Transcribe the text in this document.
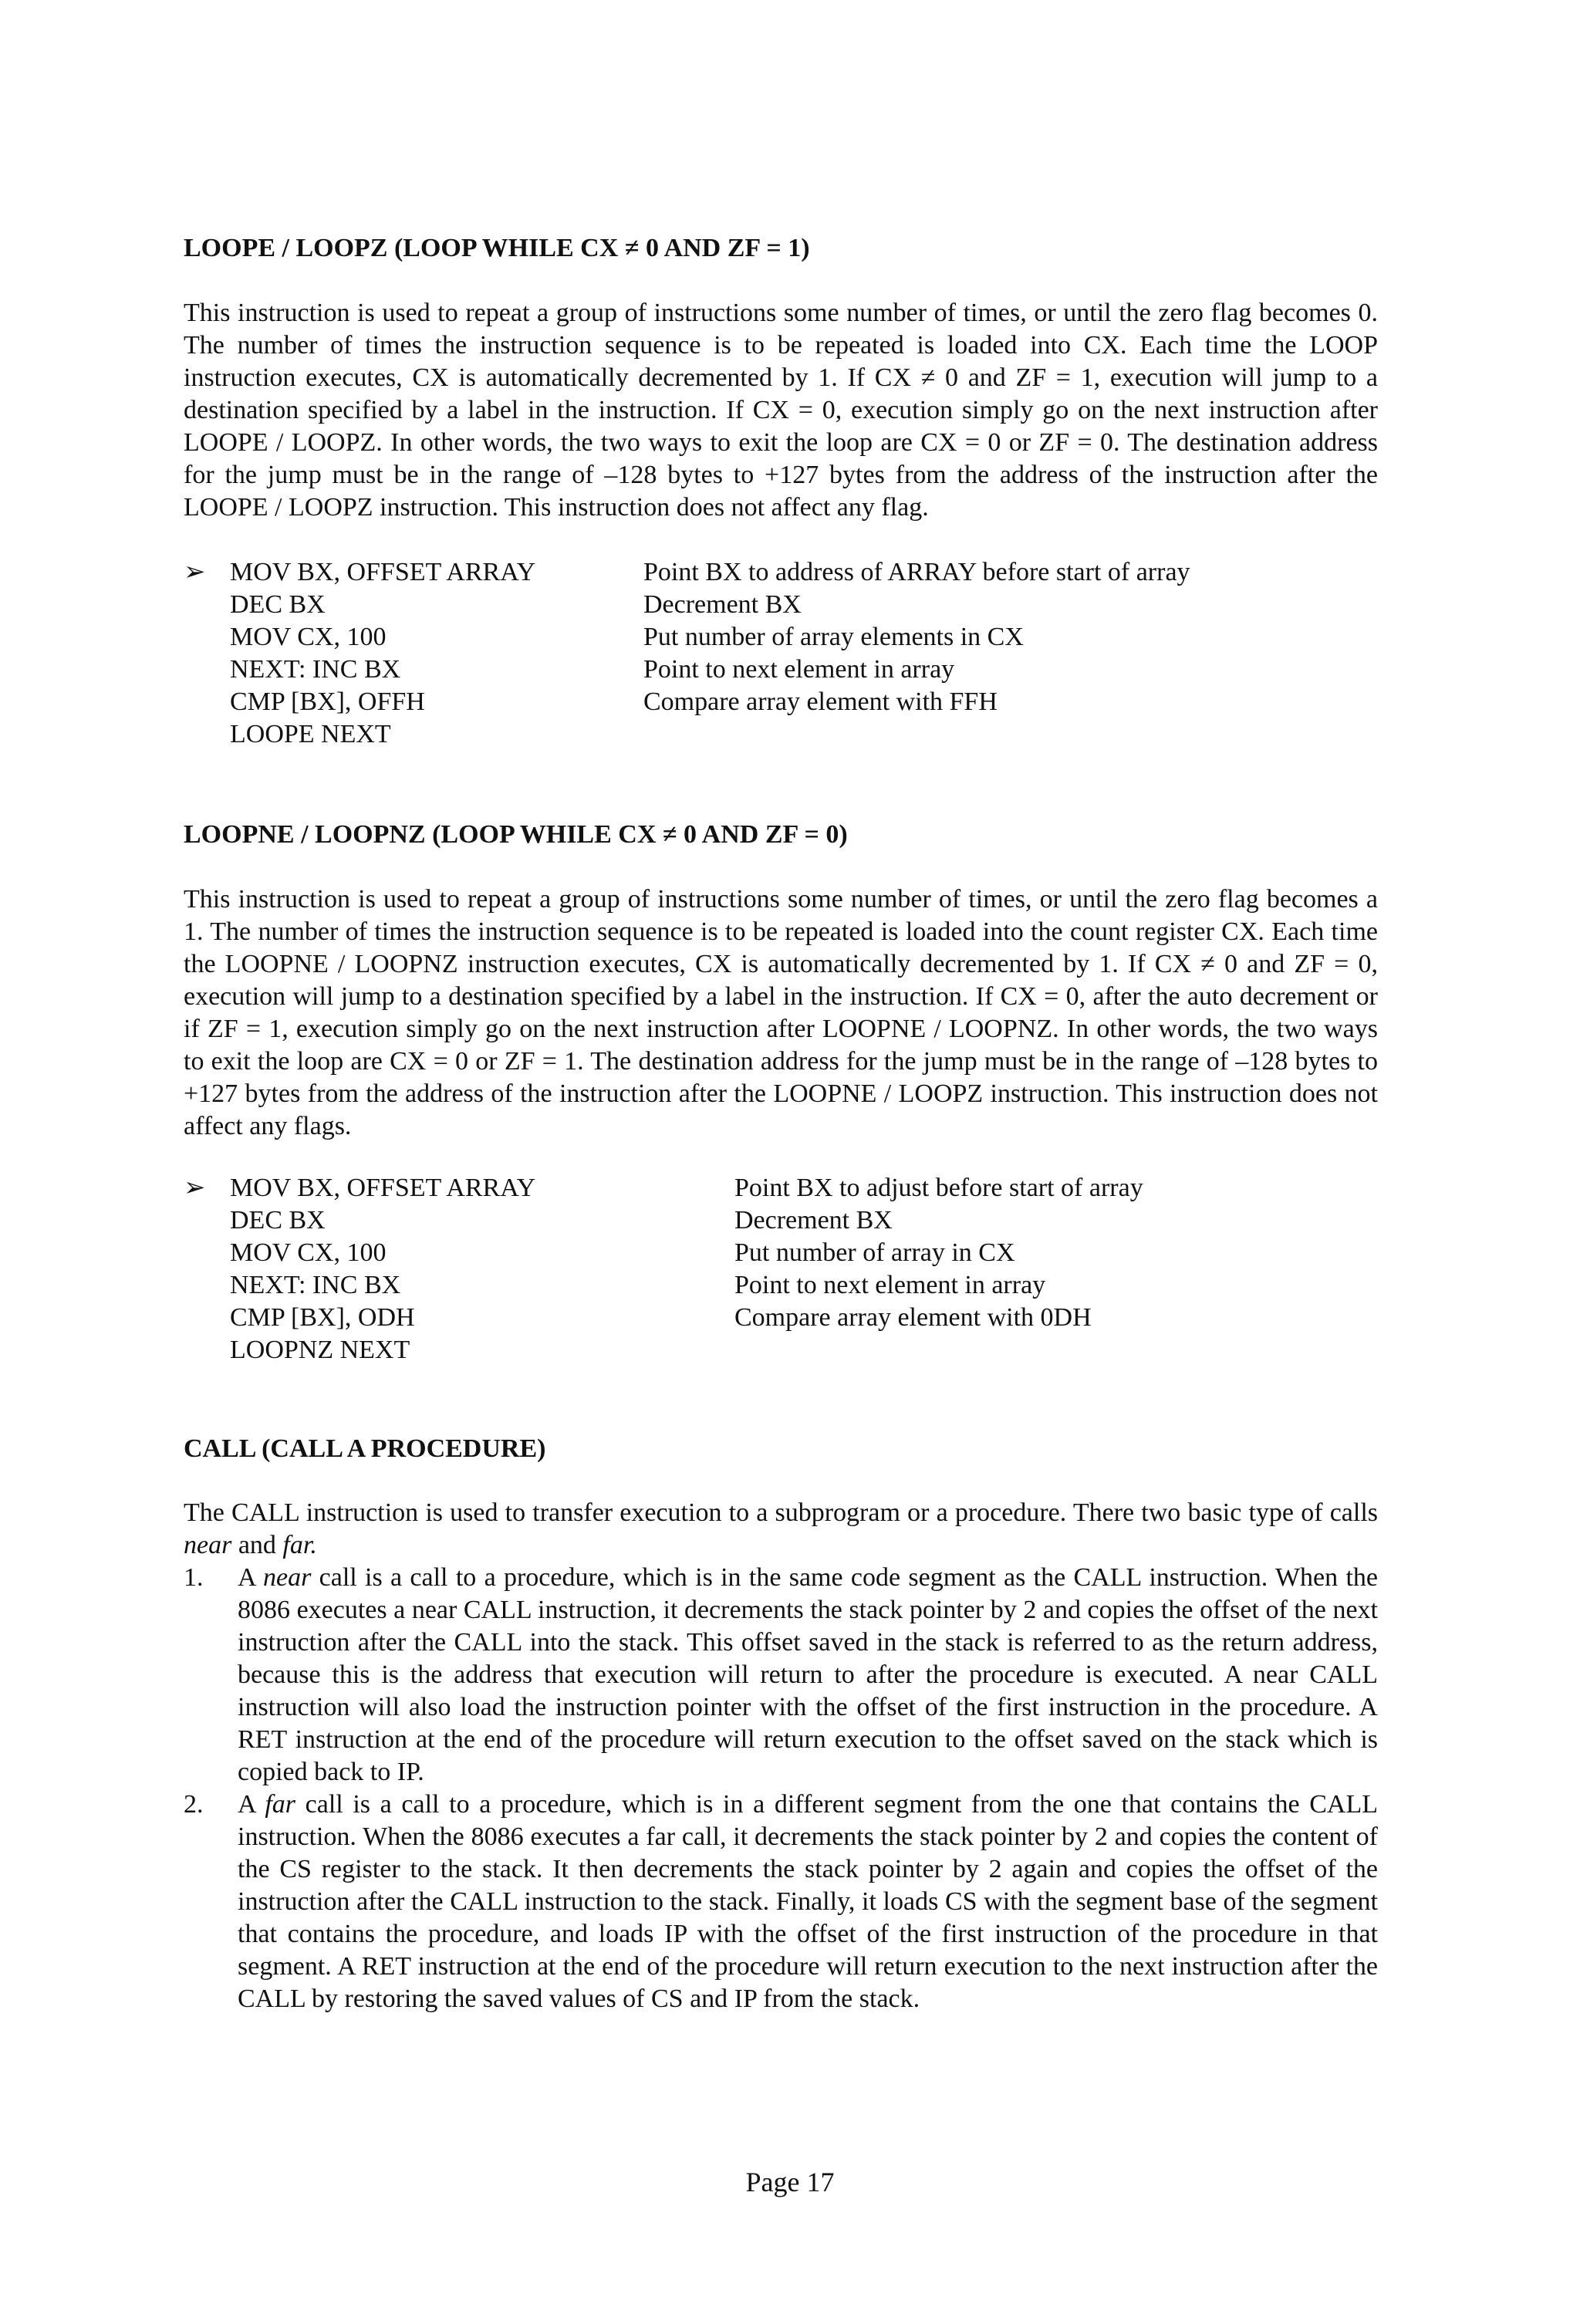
LOOPE / LOOPZ (LOOP WHILE CX ≠ 0 AND ZF = 1)

This instruction is used to repeat a group of instructions some number of times, or until the zero flag becomes 0. The number of times the instruction sequence is to be repeated is loaded into CX. Each time the LOOP instruction executes, CX is automatically decremented by 1. If CX ≠ 0 and ZF = 1, execution will jump to a destination specified by a label in the instruction. If CX = 0, execution simply go on the next instruction after LOOPE / LOOPZ. In other words, the two ways to exit the loop are CX = 0 or ZF = 0. The destination address for the jump must be in the range of –128 bytes to +127 bytes from the address of the instruction after the LOOPE / LOOPZ instruction. This instruction does not affect any flag.

➢ MOV BX, OFFSET ARRAY	Point BX to address of ARRAY before start of array
DEC BX	Decrement BX
MOV CX, 100	Put number of array elements in CX
NEXT: INC BX	Point to next element in array
CMP [BX], OFFH	Compare array element with FFH
LOOPE NEXT
LOOPNE / LOOPNZ (LOOP WHILE CX ≠ 0 AND ZF = 0)

This instruction is used to repeat a group of instructions some number of times, or until the zero flag becomes a 1. The number of times the instruction sequence is to be repeated is loaded into the count register CX. Each time the LOOPNE / LOOPNZ instruction executes, CX is automatically decremented by 1. If CX ≠ 0 and ZF = 0, execution will jump to a destination specified by a label in the instruction. If CX = 0, after the auto decrement or if ZF = 1, execution simply go on the next instruction after LOOPNE / LOOPNZ. In other words, the two ways to exit the loop are CX = 0 or ZF = 1. The destination address for the jump must be in the range of –128 bytes to +127 bytes from the address of the instruction after the LOOPNE / LOOPZ instruction. This instruction does not affect any flags.

➢ MOV BX, OFFSET ARRAY	Point BX to adjust before start of array
DEC BX	Decrement BX
MOV CX, 100	Put number of array in CX
NEXT: INC BX	Point to next element in array
CMP [BX], ODH	Compare array element with 0DH
LOOPNZ NEXT
CALL (CALL A PROCEDURE)

The CALL instruction is used to transfer execution to a subprogram or a procedure. There two basic type of calls near and far.

1. A near call is a call to a procedure, which is in the same code segment as the CALL instruction. When the 8086 executes a near CALL instruction, it decrements the stack pointer by 2 and copies the offset of the next instruction after the CALL into the stack. This offset saved in the stack is referred to as the return address, because this is the address that execution will return to after the procedure is executed. A near CALL instruction will also load the instruction pointer with the offset of the first instruction in the procedure. A RET instruction at the end of the procedure will return execution to the offset saved on the stack which is copied back to IP.
2. A far call is a call to a procedure, which is in a different segment from the one that contains the CALL instruction. When the 8086 executes a far call, it decrements the stack pointer by 2 and copies the content of the CS register to the stack. It then decrements the stack pointer by 2 again and copies the offset of the instruction after the CALL instruction to the stack. Finally, it loads CS with the segment base of the segment that contains the procedure, and loads IP with the offset of the first instruction of the procedure in that segment. A RET instruction at the end of the procedure will return execution to the next instruction after the CALL by restoring the saved values of CS and IP from the stack.
Page 17
